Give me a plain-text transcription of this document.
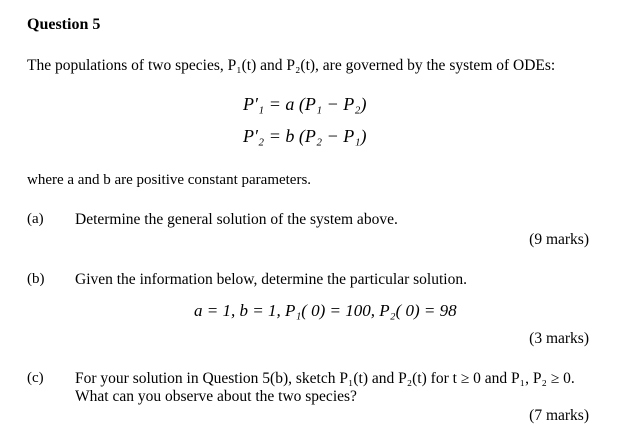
Question 5
The populations of two species, P₁(t) and P₂(t), are governed by the system of ODEs:
P′₁ = a (P₁ − P₂)
P′₂ = b (P₂ − P₁)
where a and b are positive constant parameters.
(a) Determine the general solution of the system above.
(9 marks)
(b) Given the information below, determine the particular solution.
a = 1, b = 1, P₁( 0) = 100, P₂( 0) = 98
(3 marks)
(c) For your solution in Question 5(b), sketch P₁(t) and P₂(t) for t ≥ 0 and P₁, P₂ ≥ 0.
What can you observe about the two species?
(7 marks)
